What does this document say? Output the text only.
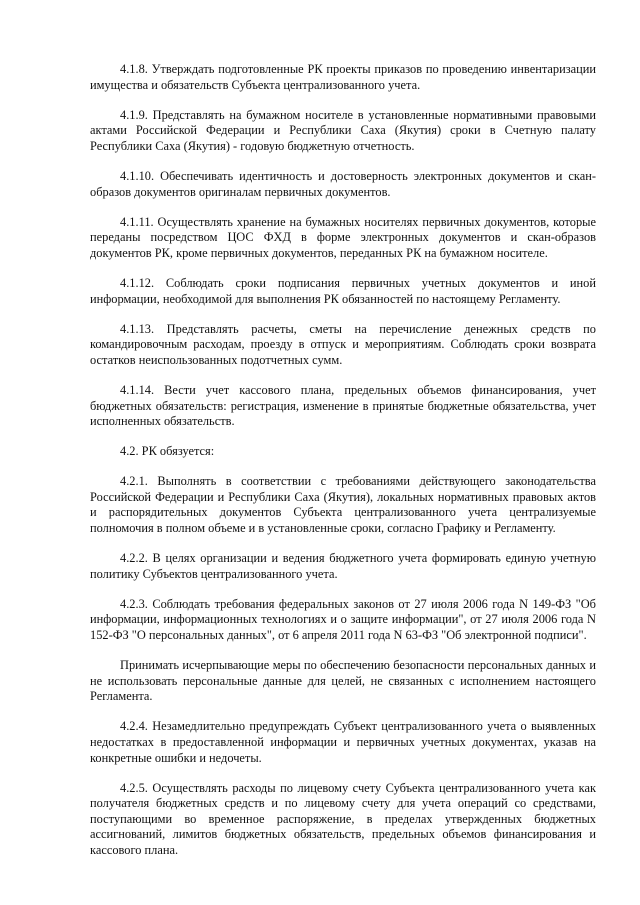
4.1.8. Утверждать подготовленные РК проекты приказов по проведению инвентаризации имущества и обязательств Субъекта централизованного учета.

4.1.9. Представлять на бумажном носителе в установленные нормативными правовыми актами Российской Федерации и Республики Саха (Якутия) сроки в Счетную палату Республики Саха (Якутия) - годовую бюджетную отчетность.

4.1.10. Обеспечивать идентичность и достоверность электронных документов и скан-образов документов оригиналам первичных документов.

4.1.11. Осуществлять хранение на бумажных носителях первичных документов, которые переданы посредством ЦОС ФХД в форме электронных документов и скан-образов документов РК, кроме первичных документов, переданных РК на бумажном носителе.

4.1.12. Соблюдать сроки подписания первичных учетных документов и иной информации, необходимой для выполнения РК обязанностей по настоящему Регламенту.

4.1.13. Представлять расчеты, сметы на перечисление денежных средств по командировочным расходам, проезду в отпуск и мероприятиям. Соблюдать сроки возврата остатков неиспользованных подотчетных сумм.

4.1.14. Вести учет кассового плана, предельных объемов финансирования, учет бюджетных обязательств: регистрация, изменение в принятые бюджетные обязательства, учет исполненных обязательств.

4.2. РК обязуется:

4.2.1. Выполнять в соответствии с требованиями действующего законодательства Российской Федерации и Республики Саха (Якутия), локальных нормативных правовых актов и распорядительных документов Субъекта централизованного учета централизуемые полномочия в полном объеме и в установленные сроки, согласно Графику и Регламенту.

4.2.2. В целях организации и ведения бюджетного учета формировать единую учетную политику Субъектов централизованного учета.

4.2.3. Соблюдать требования федеральных законов от 27 июля 2006 года N 149-ФЗ "Об информации, информационных технологиях и о защите информации", от 27 июля 2006 года N 152-ФЗ "О персональных данных", от 6 апреля 2011 года N 63-ФЗ "Об электронной подписи".

Принимать исчерпывающие меры по обеспечению безопасности персональных данных и не использовать персональные данные для целей, не связанных с исполнением настоящего Регламента.

4.2.4. Незамедлительно предупреждать Субъект централизованного учета о выявленных недостатках в предоставленной информации и первичных учетных документах, указав на конкретные ошибки и недочеты.

4.2.5. Осуществлять расходы по лицевому счету Субъекта централизованного учета как получателя бюджетных средств и по лицевому счету для учета операций со средствами, поступающими во временное распоряжение, в пределах утвержденных бюджетных ассигнований, лимитов бюджетных обязательств, предельных объемов финансирования и кассового плана.
